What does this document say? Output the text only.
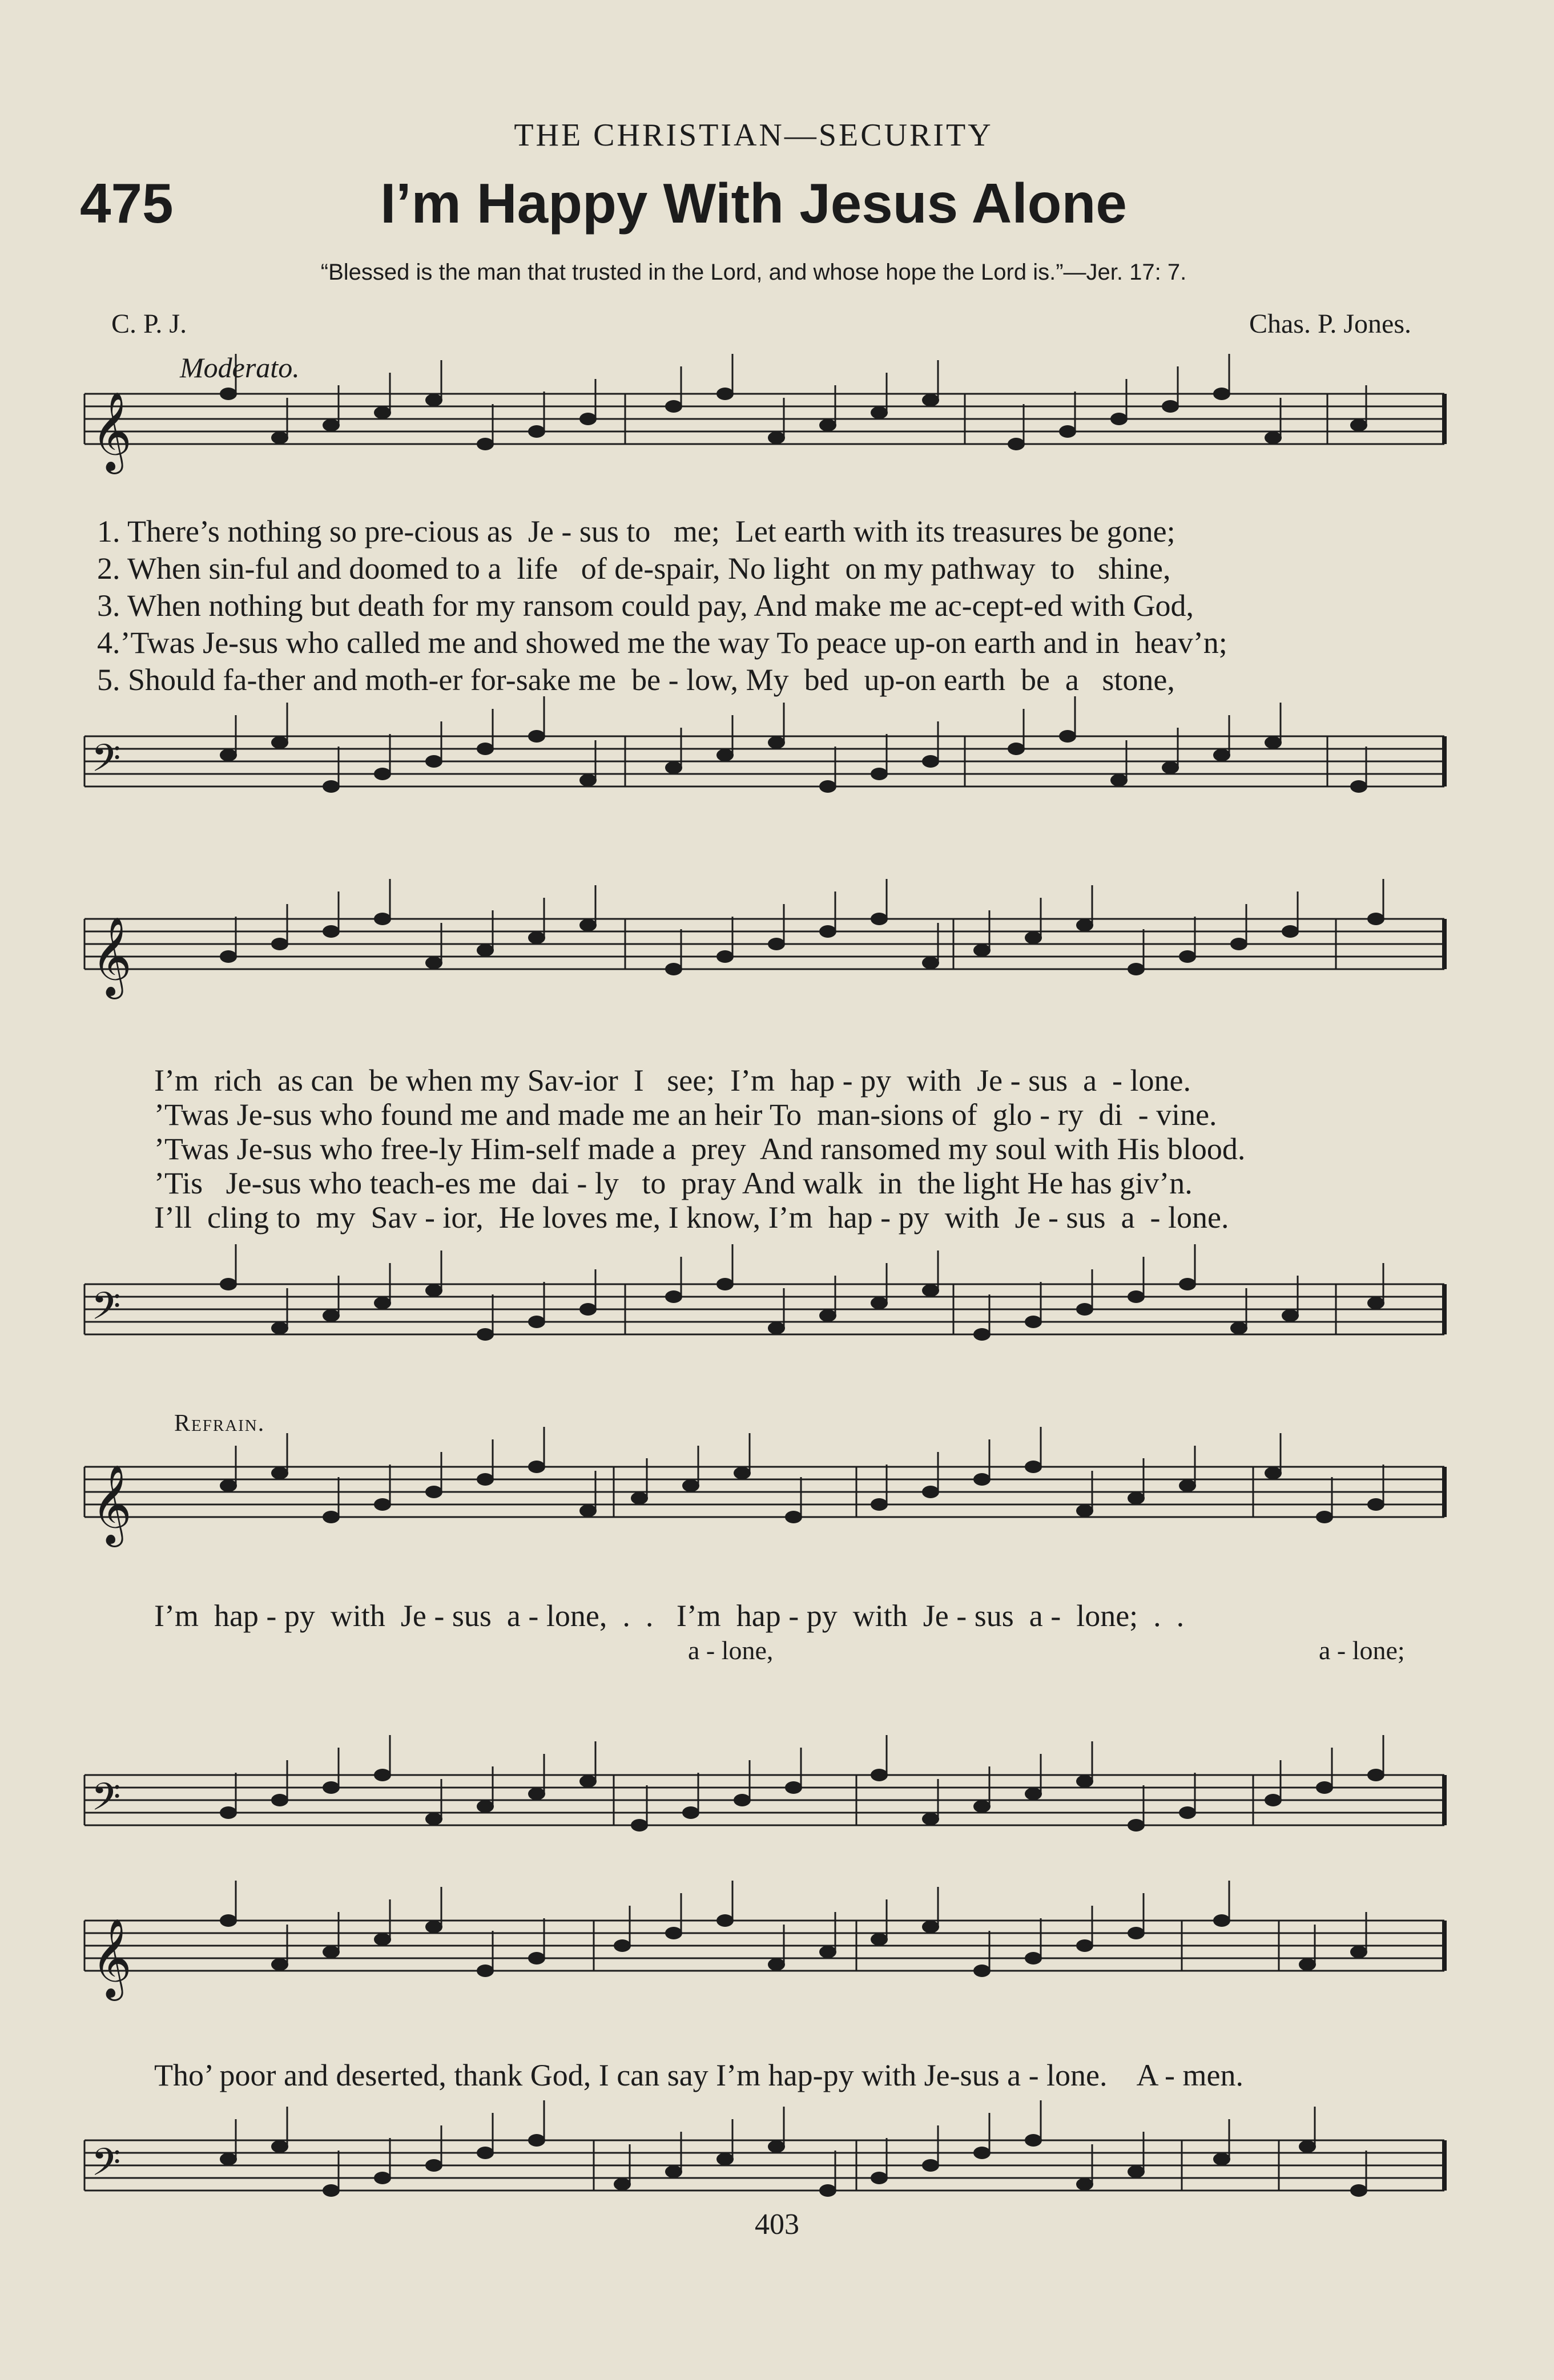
THE CHRISTIAN—SECURITY
475	I’m Happy With Jesus Alone
“Blessed is the man that trusted in the Lord, and whose hope the Lord is.”—Jer. 17: 7.
C. P. J.	Chas. P. Jones.
Moderato.
𝄞
𝄢
𝄞
𝄢
𝄞
𝄢
𝄞
𝄢
1. There’s nothing so pre-cious as  Je - sus to   me;  Let earth with its treasures be gone;
2. When sin-ful and doomed to a  life   of de-spair, No light  on my pathway  to   shine,
3. When nothing but death for my ransom could pay, And make me ac-cept-ed with God,
4.’Twas Je-sus who called me and showed me the way To peace up-on earth and in  heav’n;
5. Should fa-ther and moth-er for-sake me  be - low, My  bed  up-on earth  be  a   stone,
I’m  rich  as can  be when my Sav-ior  I   see;  I’m  hap - py  with  Je - sus  a  - lone.
’Twas Je-sus who found me and made me an heir To  man-sions of  glo - ry  di  - vine.
’Twas Je-sus who free-ly Him-self made a  prey  And ransomed my soul with His blood.
’Tis   Je-sus who teach-es me  dai - ly   to  pray And walk  in  the light He has giv’n.
I’ll  cling to  my  Sav - ior,  He loves me, I know, I’m  hap - py  with  Je - sus  a  - lone.
Refrain.
I’m  hap - py  with  Je - sus  a - lone,  .  .   I’m  hap - py  with  Je - sus  a -  lone;  .  .
a - lone,	a - lone;
Tho’ poor and deserted, thank God, I can say I’m hap-py with Je-sus a - lone.    A - men.
403
